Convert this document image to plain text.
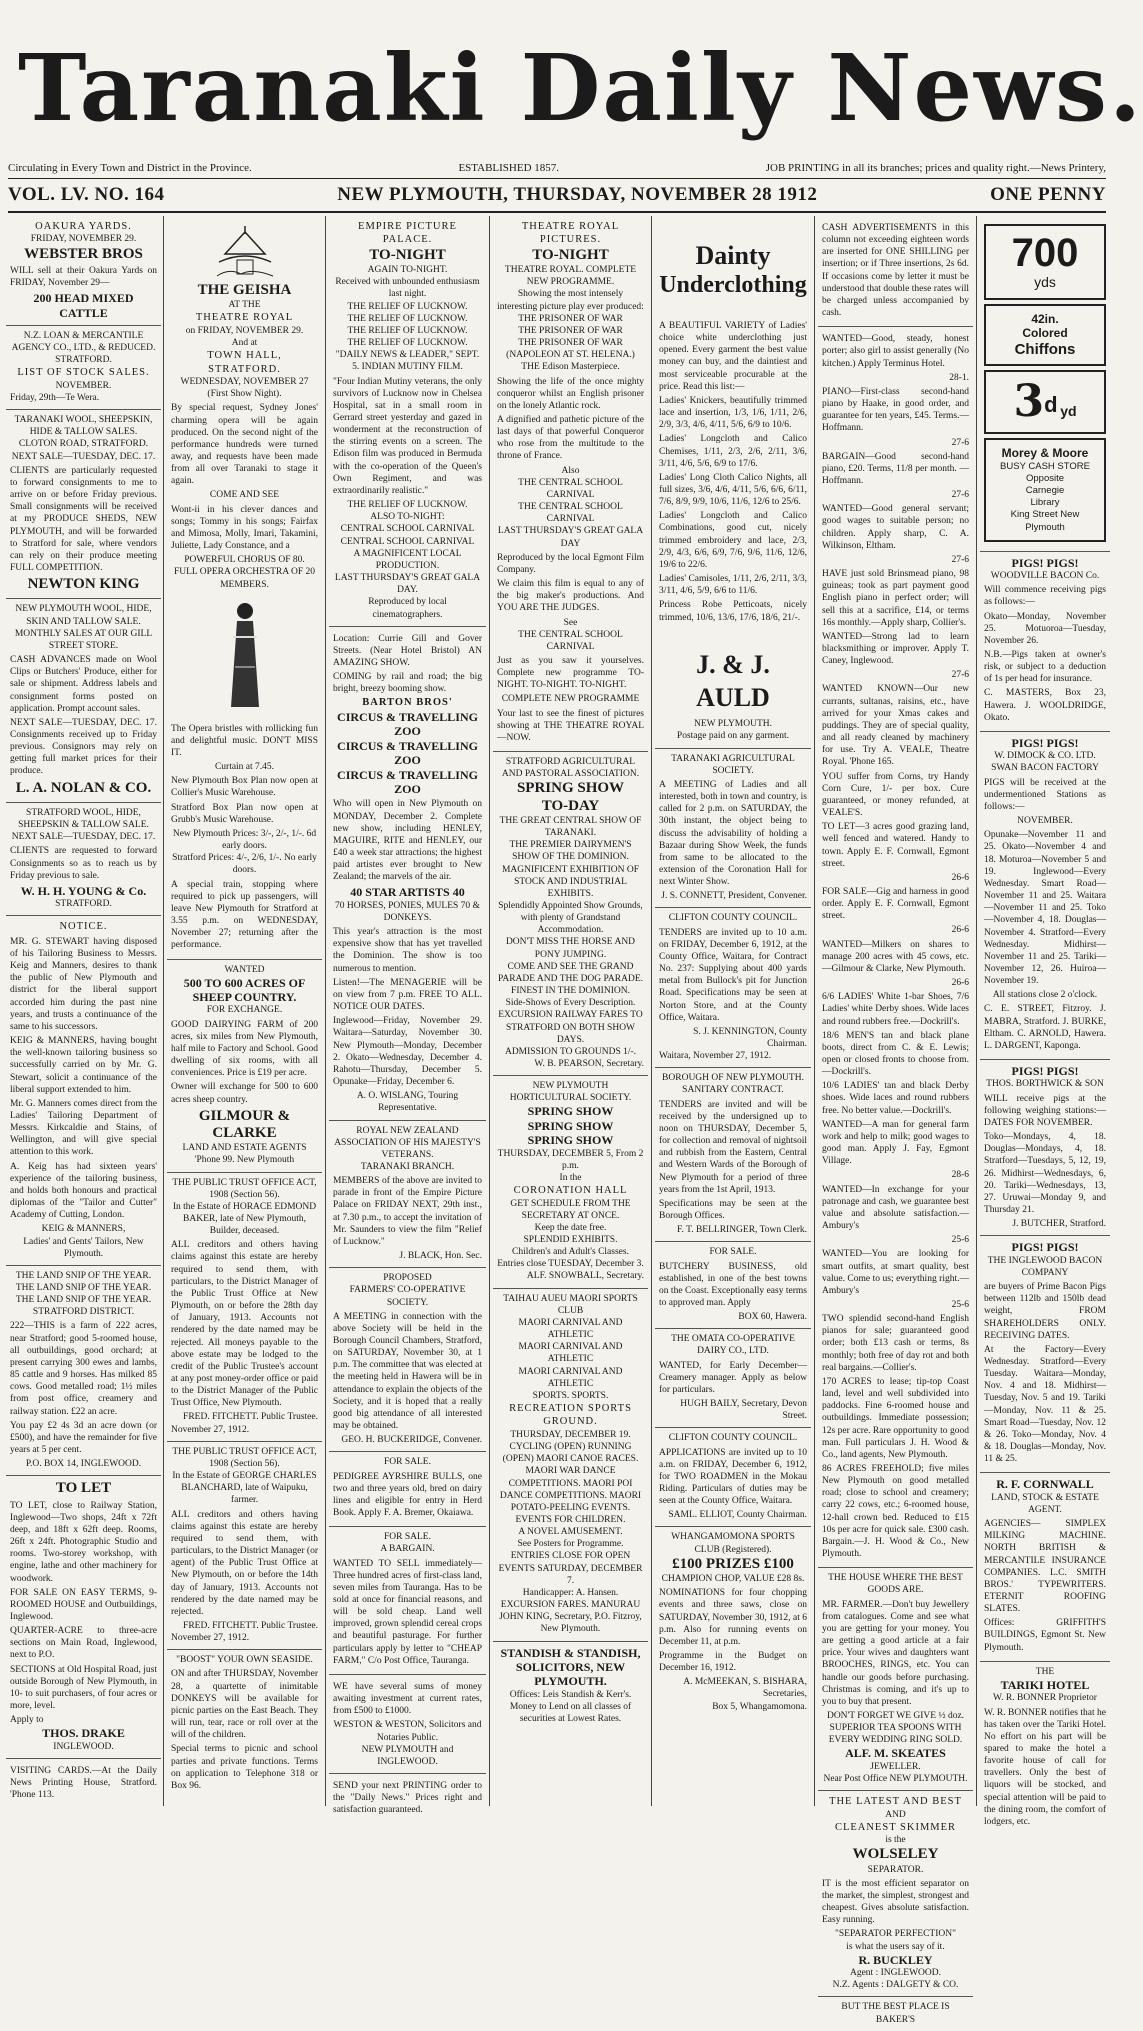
Taranaki Daily News.
Circulating in Every Town and District in the Province.	ESTABLISHED 1857.	JOB PRINTING in all its branches; prices and quality right.—News Printery,
VOL. LV. NO. 164	NEW PLYMOUTH, THURSDAY, NOVEMBER 28 1912	ONE PENNY
OAKURA YARDS.
FRIDAY, NOVEMBER 29.
WEBSTER BROS
WILL sell at their Oakura Yards on FRIDAY, November 29—
200 HEAD MIXED CATTLE
N.Z. LOAN & MERCANTILE AGENCY CO., LTD., & REDUCED. STRATFORD.
LIST OF STOCK SALES.
NOVEMBER.
Friday, 29th—Te Wera.
TARANAKI WOOL, SHEEPSKIN, HIDE & TALLOW SALES.
CLOTON ROAD, STRATFORD.
NEXT SALE—TUESDAY, DEC. 17.
CLIENTS are particularly requested to forward consignments to me to arrive on or before Friday previous. Small consignments will be received at my PRODUCE SHEDS, NEW PLYMOUTH, and will be forwarded to Stratford for sale, where vendors can rely on their produce meeting FULL COMPETITION.
NEWTON KING
NEW PLYMOUTH WOOL, HIDE, SKIN AND TALLOW SALE.
MONTHLY SALES AT OUR GILL STREET STORE.
CASH ADVANCES made on Wool Clips or Butchers' Produce, either for sale or shipment. Address labels and consignment forms posted on application. Prompt account sales.
NEXT SALE—TUESDAY, DEC. 17. Consignments received up to Friday previous. Consignors may rely on getting full market prices for their produce.
L. A. NOLAN & CO.
STRATFORD WOOL, HIDE, SHEEPSKIN & TALLOW SALE.
NEXT SALE—TUESDAY, DEC. 17.
CLIENTS are requested to forward Consignments so as to reach us by Friday previous to sale.
W. H. H. YOUNG & Co.
STRATFORD.
NOTICE.
MR. G. STEWART having disposed of his Tailoring Business to Messrs. Keig and Manners, desires to thank the public of New Plymouth and district for the liberal support accorded him during the past nine years, and trusts a continuance of the same to his successors.
KEIG & MANNERS, having bought the well-known tailoring business so successfully carried on by Mr. G. Stewart, solicit a continuance of the liberal support extended to him.
Mr. G. Manners comes direct from the Ladies' Tailoring Department of Messrs. Kirkcaldie and Stains, of Wellington, and will give special attention to this work.
A. Keig has had sixteen years' experience of the tailoring business, and holds both honours and practical diplomas of the "Tailor and Cutter" Academy of Cutting, London.
KEIG & MANNERS,
Ladies' and Gents' Tailors, New Plymouth.
THE LAND SNIP OF THE YEAR.
THE LAND SNIP OF THE YEAR.
THE LAND SNIP OF THE YEAR.
STRATFORD DISTRICT.
222—THIS is a farm of 222 acres, near Stratford; good 5-roomed house, all outbuildings, good orchard; at present carrying 300 ewes and lambs, 85 cattle and 9 horses. Has milked 85 cows. Good metalled road; 1½ miles from post office, creamery and railway station. £22 an acre.
You pay £2 4s 3d an acre down (or £500), and have the remainder for five years at 5 per cent.
P.O. BOX 14, INGLEWOOD.
TO LET
TO LET, close to Railway Station, Inglewood—Two shops, 24ft x 72ft deep, and 18ft x 62ft deep. Rooms, 26ft x 24ft. Photographic Studio and rooms. Two-storey workshop, with engine, lathe and other machinery for woodwork.
FOR SALE ON EASY TERMS, 9-ROOMED HOUSE and Outbuildings, Inglewood.
QUARTER-ACRE to three-acre sections on Main Road, Inglewood, next to P.O.
SECTIONS at Old Hospital Road, just outside Borough of New Plymouth, in 10- to suit purchasers, of four acres or more, level.
Apply to
THOS. DRAKE
INGLEWOOD.
VISITING CARDS.—At the Daily News Printing House, Stratford. 'Phone 113.
THE GEISHA
AT THE
THEATRE ROYAL
on FRIDAY, NOVEMBER 29.
And at
TOWN HALL, STRATFORD.
WEDNESDAY, NOVEMBER 27
(First Show Night).
By special request, Sydney Jones' charming opera will be again produced. On the second night of the performance hundreds were turned away, and requests have been made from all over Taranaki to stage it again.
COME AND SEE
Wont-ii in his clever dances and songs; Tommy in his songs; Fairfax and Mimosa, Molly, Imari, Takamini, Juliette, Lady Constance, and a
POWERFUL CHORUS OF 80.
FULL OPERA ORCHESTRA OF 20 MEMBERS.
The Opera bristles with rollicking fun and delightful music. DON'T MISS IT.
Curtain at 7.45.
New Plymouth Box Plan now open at Collier's Music Warehouse.
Stratford Box Plan now open at Grubb's Music Warehouse.
New Plymouth Prices: 3/-, 2/-, 1/-. 6d early doors.
Stratford Prices: 4/-, 2/6, 1/-. No early doors.
A special train, stopping where required to pick up passengers, will leave New Plymouth for Stratford at 3.55 p.m. on WEDNESDAY, November 27; returning after the performance.
WANTED
500 TO 600 ACRES OF SHEEP COUNTRY.
FOR EXCHANGE.
GOOD DAIRYING FARM of 200 acres, six miles from New Plymouth, half mile to Factory and School. Good dwelling of six rooms, with all conveniences. Price is £19 per acre.
Owner will exchange for 500 to 600 acres sheep country.
GILMOUR & CLARKE
LAND AND ESTATE AGENTS
'Phone 99. New Plymouth
THE PUBLIC TRUST OFFICE ACT, 1908 (Section 56).
In the Estate of HORACE EDMOND BAKER, late of New Plymouth, Builder, deceased.
ALL creditors and others having claims against this estate are hereby required to send them, with particulars, to the District Manager of the Public Trust Office at New Plymouth, on or before the 28th day of January, 1913. Accounts not rendered by the date named may be rejected. All moneys payable to the above estate may be lodged to the credit of the Public Trustee's account at any post money-order office or paid to the District Manager of the Public Trust Office, New Plymouth.
FRED. FITCHETT. Public Trustee.
November 27, 1912.
THE PUBLIC TRUST OFFICE ACT, 1908 (Section 56).
In the Estate of GEORGE CHARLES BLANCHARD, late of Waipuku, farmer.
ALL creditors and others having claims against this estate are hereby required to send them, with particulars, to the District Manager (or agent) of the Public Trust Office at New Plymouth, on or before the 14th day of January, 1913. Accounts not rendered by the date named may be rejected.
FRED. FITCHETT. Public Trustee.
November 27, 1912.
"BOOST" YOUR OWN SEASIDE.
ON and after THURSDAY, November 28, a quartette of inimitable DONKEYS will be available for picnic parties on the East Beach. They will run, tear, race or roll over at the will of the children.
Special terms to picnic and school parties and private functions. Terms on application to Telephone 318 or Box 96.
EMPIRE PICTURE PALACE.
TO-NIGHT
AGAIN TO-NIGHT.
Received with unbounded enthusiasm last night.
THE RELIEF OF LUCKNOW.
THE RELIEF OF LUCKNOW.
THE RELIEF OF LUCKNOW.
THE RELIEF OF LUCKNOW.
"DAILY NEWS & LEADER," SEPT. 5. INDIAN MUTINY FILM.
"Four Indian Mutiny veterans, the only survivors of Lucknow now in Chelsea Hospital, sat in a small room in Gerrard street yesterday and gazed in wonderment at the reconstruction of the stirring events on a screen. The Edison film was produced in Bermuda with the co-operation of the Queen's Own Regiment, and was extraordinarily realistic."
THE RELIEF OF LUCKNOW.
ALSO TO-NIGHT:
CENTRAL SCHOOL CARNIVAL
CENTRAL SCHOOL CARNIVAL
A MAGNIFICENT LOCAL PRODUCTION.
LAST THURSDAY'S GREAT GALA DAY.
Reproduced by local cinematographers.
Location: Currie Gill and Gover Streets. (Near Hotel Bristol) AN AMAZING SHOW.
COMING by rail and road; the big bright, breezy booming show.
BARTON BROS'
CIRCUS & TRAVELLING ZOO
CIRCUS & TRAVELLING ZOO
CIRCUS & TRAVELLING ZOO
Who will open in New Plymouth on MONDAY, December 2. Complete new show, including HENLEY, MAGUIRE, RITE and HENLEY, our £40 a week star attractions; the highest paid artistes ever brought to New Zealand; the marvels of the air.
40 STAR ARTISTS 40
70 HORSES, PONIES, MULES 70 & DONKEYS.
This year's attraction is the most expensive show that has yet travelled the Dominion. The show is too numerous to mention.
Listen!—The MENAGERIE will be on view from 7 p.m. FREE TO ALL. NOTICE OUR DATES.
Inglewood—Friday, November 29. Waitara—Saturday, November 30. New Plymouth—Monday, December 2. Okato—Wednesday, December 4. Rahotu—Thursday, December 5. Opunake—Friday, December 6.
A. O. WISLANG, Touring Representative.
ROYAL NEW ZEALAND ASSOCIATION OF HIS MAJESTY'S VETERANS.
TARANAKI BRANCH.
MEMBERS of the above are invited to parade in front of the Empire Picture Palace on FRIDAY NEXT, 29th inst., at 7.30 p.m., to accept the invitation of Mr. Saunders to view the film "Relief of Lucknow."
J. BLACK, Hon. Sec.
PROPOSED
FARMERS' CO-OPERATIVE SOCIETY.
A MEETING in connection with the above Society will be held in the Borough Council Chambers, Stratford, on SATURDAY, November 30, at 1 p.m. The committee that was elected at the meeting held in Hawera will be in attendance to explain the objects of the Society, and it is hoped that a really good big attendance of all interested may be obtained.
GEO. H. BUCKERIDGE, Convener.
FOR SALE.
PEDIGREE AYRSHIRE BULLS, one two and three years old, bred on dairy lines and eligible for entry in Herd Book. Apply F. A. Bremer, Okaiawa.
FOR SALE.
A BARGAIN.
WANTED TO SELL immediately—Three hundred acres of first-class land, seven miles from Tauranga. Has to be sold at once for financial reasons, and will be sold cheap. Land well improved, grown splendid cereal crops and beautiful pasturage. For further particulars apply by letter to "CHEAP FARM," C/o Post Office, Tauranga.
WE have several sums of money awaiting investment at current rates, from £500 to £1000.
WESTON & WESTON, Solicitors and Notaries Public.
NEW PLYMOUTH and INGLEWOOD.
SEND your next PRINTING order to the "Daily News." Prices right and satisfaction guaranteed.
THEATRE ROYAL PICTURES.
TO-NIGHT
THEATRE ROYAL. COMPLETE NEW PROGRAMME.
Showing the most intensely interesting picture play ever produced:
THE PRISONER OF WAR
THE PRISONER OF WAR
THE PRISONER OF WAR
(NAPOLEON AT ST. HELENA.)
THE Edison Masterpiece.
Showing the life of the once mighty conqueror whilst an English prisoner on the lonely Atlantic rock.
A dignified and pathetic picture of the last days of that powerful Conqueror who rose from the multitude to the throne of France.
Also
THE CENTRAL SCHOOL CARNIVAL
THE CENTRAL SCHOOL CARNIVAL
LAST THURSDAY'S GREAT GALA DAY
Reproduced by the local Egmont Film Company.
We claim this film is equal to any of the big maker's productions. And YOU ARE THE JUDGES.
See
THE CENTRAL SCHOOL CARNIVAL
Just as you saw it yourselves. Complete new programme TO-NIGHT. TO-NIGHT. TO-NIGHT.
COMPLETE NEW PROGRAMME
Your last to see the finest of pictures showing at THE THEATRE ROYAL—NOW.
STRATFORD AGRICULTURAL AND PASTORAL ASSOCIATION.
SPRING SHOW
TO-DAY
THE GREAT CENTRAL SHOW OF TARANAKI.
THE PREMIER DAIRYMEN'S SHOW OF THE DOMINION.
MAGNIFICENT EXHIBITION OF STOCK AND INDUSTRIAL EXHIBITS.
Splendidly Appointed Show Grounds, with plenty of Grandstand Accommodation.
DON'T MISS THE HORSE AND PONY JUMPING.
COME AND SEE THE GRAND PARADE AND THE DOG PARADE. FINEST IN THE DOMINION.
Side-Shows of Every Description.
EXCURSION RAILWAY FARES TO STRATFORD ON BOTH SHOW DAYS.
ADMISSION TO GROUNDS 1/-.
W. B. PEARSON, Secretary.
NEW PLYMOUTH HORTICULTURAL SOCIETY.
SPRING SHOW
SPRING SHOW
SPRING SHOW
THURSDAY, DECEMBER 5, From 2 p.m.
In the
CORONATION HALL
GET SCHEDULE FROM THE SECRETARY AT ONCE.
Keep the date free.
SPLENDID EXHIBITS.
Children's and Adult's Classes.
Entries close TUESDAY, December 3.
ALF. SNOWBALL, Secretary.
TAIHAU AUEU MAORI SPORTS CLUB
MAORI CARNIVAL AND ATHLETIC
MAORI CARNIVAL AND ATHLETIC
MAORI CARNIVAL AND ATHLETIC
SPORTS. SPORTS.
RECREATION SPORTS GROUND.
THURSDAY, DECEMBER 19.
CYCLING (OPEN) RUNNING (OPEN) MAORI CANOE RACES.
MAORI WAR DANCE COMPETITIONS. MAORI POI DANCE COMPETITIONS. MAORI POTATO-PEELING EVENTS.
EVENTS FOR CHILDREN.
A NOVEL AMUSEMENT.
See Posters for Programme.
ENTRIES CLOSE FOR OPEN EVENTS SATURDAY, DECEMBER 7.
Handicapper: A. Hansen.
EXCURSION FARES. MANURAU JOHN KING, Secretary, P.O. Fitzroy, New Plymouth.
STANDISH & STANDISH, SOLICITORS, NEW PLYMOUTH.
Offices: Leis Standish & Kerr's. Money to Lend on all classes of securities at Lowest Rates.
Dainty
Underclothing
A BEAUTIFUL VARIETY of Ladies' choice white underclothing just opened. Every garment the best value money can buy, and the daintiest and most serviceable procurable at the price. Read this list:—
Ladies' Knickers, beautifully trimmed lace and insertion, 1/3, 1/6, 1/11, 2/6, 2/9, 3/3, 4/6, 4/11, 5/6, 6/9 to 10/6.
Ladies' Longcloth and Calico Chemises, 1/11, 2/3, 2/6, 2/11, 3/6, 3/11, 4/6, 5/6, 6/9 to 17/6.
Ladies' Long Cloth Calico Nights, all full sizes, 3/6, 4/6, 4/11, 5/6, 6/6, 6/11, 7/6, 8/9, 9/9, 10/6, 11/6, 12/6 to 25/6.
Ladies' Longcloth and Calico Combinations, good cut, nicely trimmed embroidery and lace, 2/3, 2/9, 4/3, 6/6, 6/9, 7/6, 9/6, 11/6, 12/6, 19/6 to 22/6.
Ladies' Camisoles, 1/11, 2/6, 2/11, 3/3, 3/11, 4/6, 5/9, 6/6 to 11/6.
Princess Robe Petticoats, nicely trimmed, 10/6, 13/6, 17/6, 18/6, 21/-.
J. & J. AULD
NEW PLYMOUTH.
Postage paid on any garment.
TARANAKI AGRICULTURAL SOCIETY.
A MEETING of Ladies and all interested, both in town and country, is called for 2 p.m. on SATURDAY, the 30th instant, the object being to discuss the advisability of holding a Bazaar during Show Week, the funds from same to be allocated to the extension of the Coronation Hall for next Winter Show.
J. S. CONNETT, President, Convener.
CLIFTON COUNTY COUNCIL.
TENDERS are invited up to 10 a.m. on FRIDAY, December 6, 1912, at the County Office, Waitara, for Contract No. 237: Supplying about 400 yards metal from Bullock's pit for Junction Road. Specifications may be seen at Norton Store, and at the County Office, Waitara.
S. J. KENNINGTON, County Chairman.
Waitara, November 27, 1912.
BOROUGH OF NEW PLYMOUTH.
SANITARY CONTRACT.
TENDERS are invited and will be received by the undersigned up to noon on THURSDAY, December 5, for collection and removal of nightsoil and rubbish from the Eastern, Central and Western Wards of the Borough of New Plymouth for a period of three years from the 1st April, 1913.
Specifications may be seen at the Borough Offices.
F. T. BELLRINGER, Town Clerk.
FOR SALE.
BUTCHERY BUSINESS, old established, in one of the best towns on the Coast. Exceptionally easy terms to approved man. Apply
BOX 60, Hawera.
THE OMATA CO-OPERATIVE DAIRY CO., LTD.
WANTED, for Early December—Creamery manager. Apply as below for particulars.
HUGH BAILY, Secretary, Devon Street.
CLIFTON COUNTY COUNCIL.
APPLICATIONS are invited up to 10 a.m. on FRIDAY, December 6, 1912, for TWO ROADMEN in the Mokau Riding. Particulars of duties may be seen at the County Office, Waitara.
SAML. ELLIOT, County Chairman.
WHANGAMOMONA SPORTS CLUB (Registered).
£100 PRIZES £100
CHAMPION CHOP, VALUE £28 8s.
NOMINATIONS for four chopping events and three saws, close on SATURDAY, November 30, 1912, at 6 p.m. Also for running events on December 11, at p.m.
Programme in the Budget on December 16, 1912.
A. McMEEKAN, S. BISHARA, Secretaries,
Box 5, Whangamomona.
CASH ADVERTISEMENTS in this column not exceeding eighteen words are inserted for ONE SHILLING per insertion; or if Three insertions, 2s 6d. If occasions come by letter it must be understood that double these rates will be charged unless accompanied by cash.
WANTED—Good, steady, honest porter; also girl to assist generally (No kitchen.) Apply Terminus Hotel.
28-1.
PIANO—First-class second-hand piano by Haake, in good order, and guarantee for ten years, £45. Terms.—Hoffmann.
27-6
BARGAIN—Good second-hand piano, £20. Terms, 11/8 per month. — Hoffmann.
27-6
WANTED—Good general servant; good wages to suitable person; no children. Apply sharp, C. A. Wilkinson, Eltham.
27-6
HAVE just sold Brinsmead piano, 98 guineas; took as part payment good English piano in perfect order; will sell this at a sacrifice, £14, or terms 16s monthly.—Apply sharp, Collier's.
WANTED—Strong lad to learn blacksmithing or improver. Apply T. Caney, Inglewood.
27-6
WANTED KNOWN—Our new currants, sultanas, raisins, etc., have arrived for your Xmas cakes and puddings. They are of special quality, and all ready cleaned by machinery for use. Try A. VEALE, Theatre Royal. 'Phone 165.
YOU suffer from Corns, try Handy Corn Cure, 1/- per box. Cure guaranteed, or money refunded, at VEALE'S.
TO LET—3 acres good grazing land, well fenced and watered. Handy to town. Apply E. F. Cornwall, Egmont street.
26-6
FOR SALE—Gig and harness in good order. Apply E. F. Cornwall, Egmont street.
26-6
WANTED—Milkers on shares to manage 200 acres with 45 cows, etc.—Gilmour & Clarke, New Plymouth.
26-6
6/6 LADIES' White 1-bar Shoes, 7/6 Ladies' white Derby shoes. Wide laces and round rubbers free.—Dockrill's.
18/6 MEN'S tan and black plane boots, direct from C. & E. Lewis; open or closed fronts to choose from.—Dockrill's.
10/6 LADIES' tan and black Derby shoes. Wide laces and round rubbers free. No better value.—Dockrill's.
WANTED—A man for general farm work and help to milk; good wages to good man. Apply J. Fay, Egmont Village.
28-6
WANTED—In exchange for your patronage and cash, we guarantee best value and absolute satisfaction.—Ambury's
25-6
WANTED—You are looking for smart outfits, at smart quality, best value. Come to us; everything right.—Ambury's
25-6
TWO splendid second-hand English pianos for sale; guaranteed good order; both £13 cash or terms, 8s monthly; both free of day rot and both real bargains.—Collier's.
170 ACRES to lease; tip-top Coast land, level and well subdivided into paddocks. Fine 6-roomed house and outbuildings. Immediate possession; 12s per acre. Rare opportunity to good man. Full particulars J. H. Wood & Co., land agents, New Plymouth.
86 ACRES FREEHOLD; five miles New Plymouth on good metalled road; close to school and creamery; carry 22 cows, etc.; 6-roomed house, 12-hall crown bed. Reduced to £15 10s per acre for quick sale. £300 cash. Bargain.—J. H. Wood & Co., New Plymouth.
THE HOUSE WHERE THE BEST GOODS ARE.
MR. FARMER.—Don't buy Jewellery from catalogues. Come and see what you are getting for your money. You are getting a good article at a fair price. Your wives and daughters want BROOCHES, RINGS, etc. You can handle our goods before purchasing. Christmas is coming, and it's up to you to buy that present.
DON'T FORGET WE GIVE ½ doz. SUPERIOR TEA SPOONS WITH EVERY WEDDING RING SOLD.
ALF. M. SKEATES
JEWELLER.
Near Post Office NEW PLYMOUTH.
THE LATEST AND BEST
AND
CLEANEST SKIMMER
is the
WOLSELEY
SEPARATOR.
IT is the most efficient separator on the market, the simplest, strongest and cheapest. Gives absolute satisfaction. Easy running.
"SEPARATOR PERFECTION"
is what the users say of it.
R. BUCKLEY
Agent : INGLEWOOD.
N.Z. Agents : DALGETY & CO.
BUT THE BEST PLACE IS BAKER'S
700
yds
42in.
Colored
Chiffons
3d yd
Morey & Moore
BUSY CASH STORE
Opposite
Carnegie
Library
King Street New Plymouth
PIGS! PIGS!
WOODVILLE BACON Co.
Will commence receiving pigs as follows:—
Okato—Monday, November 25. Motuoroa—Tuesday, November 26.
N.B.—Pigs taken at owner's risk, or subject to a deduction of 1s per head for insurance.
C. MASTERS, Box 23, Hawera. J. WOOLDRIDGE, Okato.
PIGS! PIGS!
W. DIMOCK & CO. LTD.
SWAN BACON FACTORY
PIGS will be received at the undermentioned Stations as follows:—
NOVEMBER.
Opunake—November 11 and 25. Okato—November 4 and 18. Moturoa—November 5 and 19. Inglewood—Every Wednesday. Smart Road—November 11 and 25. Waitara—November 11 and 25. Toko—November 4, 18. Douglas—November 4. Stratford—Every Wednesday. Midhirst—November 11 and 25. Tariki—November 12, 26. Huiroa—November 19.
All stations close 2 o'clock.
C. E. STREET, Fitzroy. J. MABRA, Stratford. J. BURKE, Eltham. C. ARNOLD, Hawera. L. DARGENT, Kaponga.
PIGS! PIGS!
THOS. BORTHWICK & SON
WILL receive pigs at the following weighing stations:— DATES FOR NOVEMBER.
Toko—Mondays, 4, 18. Douglas—Mondays, 4, 18. Stratford—Tuesdays, 5, 12, 19, 26. Midhirst—Wednesdays, 6, 20. Tariki—Wednesdays, 13, 27. Uruwai—Monday 9, and Thursday 21.
J. BUTCHER, Stratford.
PIGS! PIGS!
THE INGLEWOOD BACON COMPANY
are buyers of Prime Bacon Pigs between 112lb and 150lb dead weight, FROM SHAREHOLDERS ONLY. RECEIVING DATES.
At the Factory—Every Wednesday. Stratford—Every Tuesday. Waitara—Monday, Nov. 4 and 18. Midhirst—Tuesday, Nov. 5 and 19. Tariki—Monday, Nov. 11 & 25. Smart Road—Tuesday, Nov. 12 & 26. Toko—Monday, Nov. 4 & 18. Douglas—Monday, Nov. 11 & 25.
R. F. CORNWALL
LAND, STOCK & ESTATE AGENT.
AGENCIES— SIMPLEX MILKING MACHINE. NORTH BRITISH & MERCANTILE INSURANCE COMPANIES. L.C. SMITH BROS.' TYPEWRITERS. ETERNIT ROOFING SLATES.
Offices: GRIFFITH'S BUILDINGS, Egmont St. New Plymouth.
THE
TARIKI HOTEL
W. R. BONNER Proprietor
W. R. BONNER notifies that he has taken over the Tariki Hotel. No effort on his part will be spared to make the hotel a favorite house of call for travellers. Only the best of liquors will be stocked, and special attention will be paid to the dining room, the comfort of lodgers, etc.
